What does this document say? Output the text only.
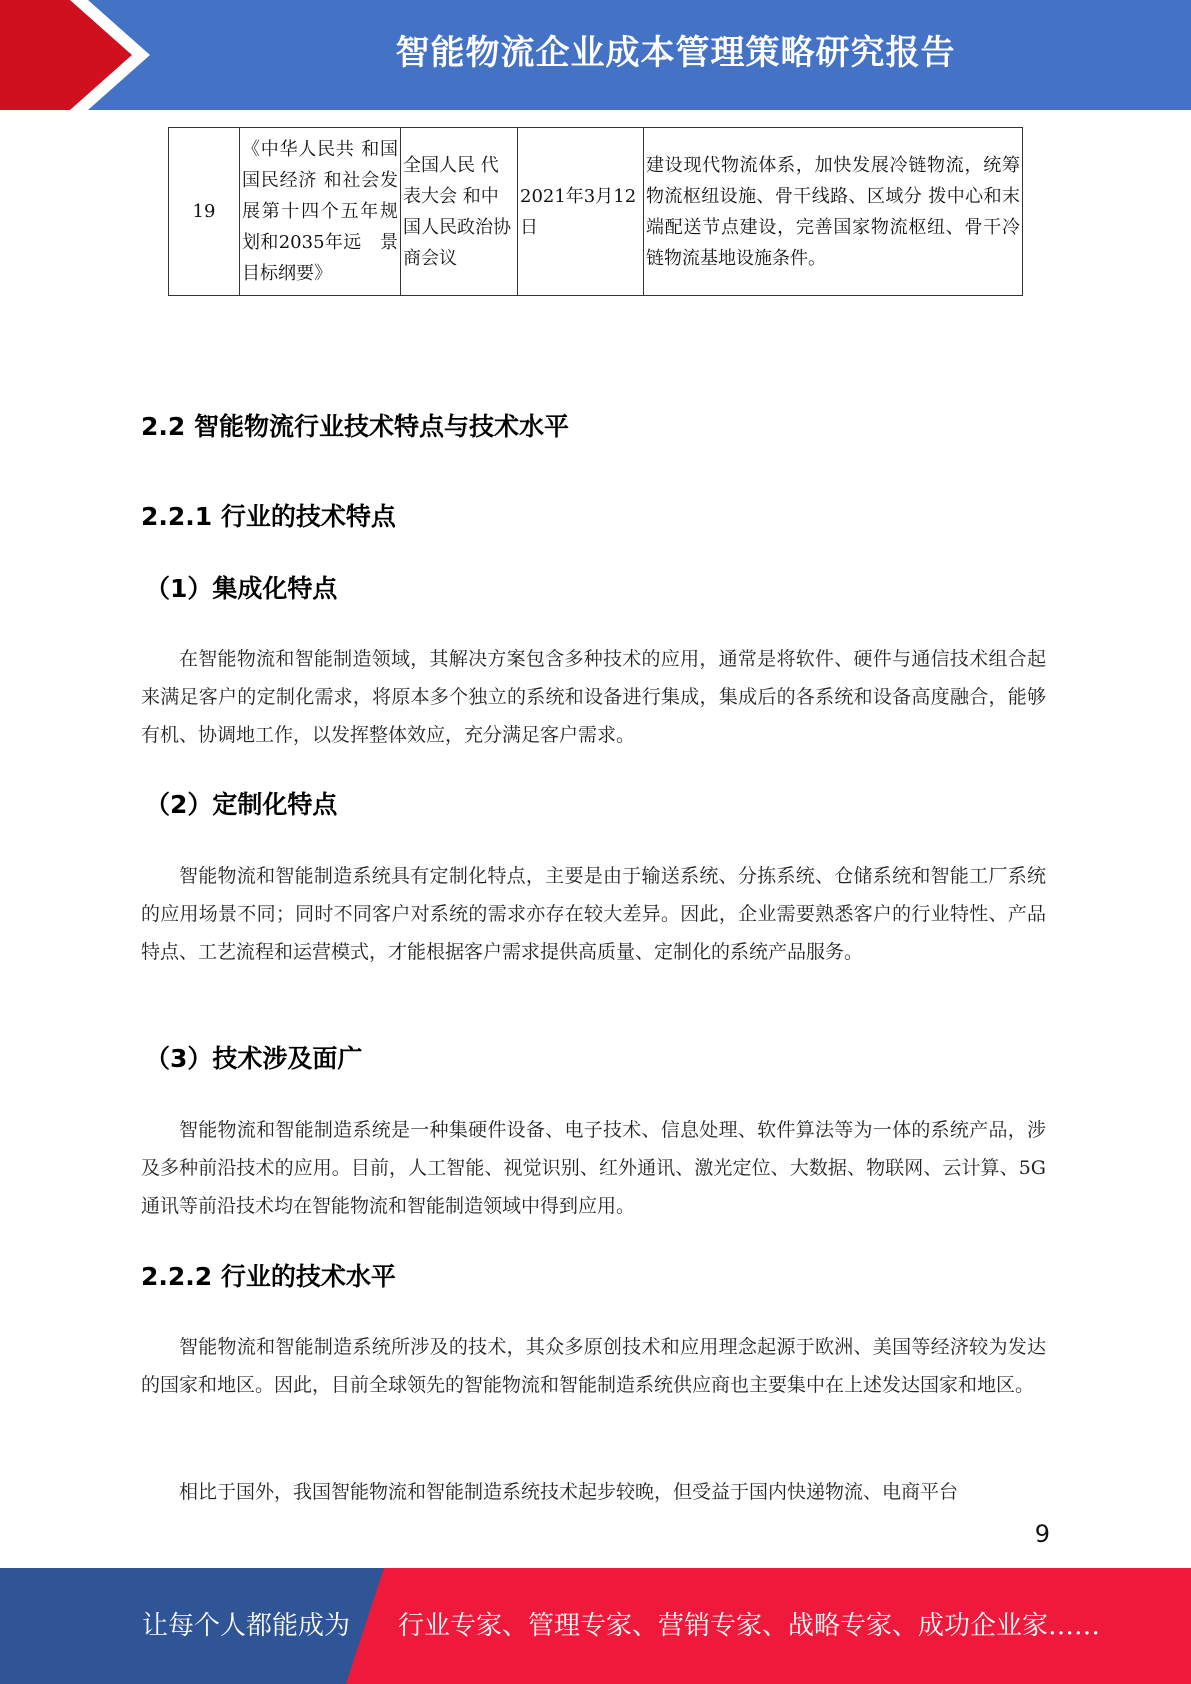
智能物流企业成本管理策略研究报告
19	《中华人民共 和国国民经济 和社会发展第十四个五年规 划和2035年远　景目标纲要》	全国人民 代表大会 和中国人民政治协 商会议	2021年3月12日	建设现代物流体系，加快发展冷链物流，统筹物流枢纽设施、骨干线路、区域分 拨中心和末端配送节点建设，完善国家物流枢纽、骨干冷链物流基地设施条件。
2.2 智能物流行业技术特点与技术水平
2.2.1 行业的技术特点
（1）集成化特点

在智能物流和智能制造领域，其解决方案包含多种技术的应用，通常是将软件、硬件与通信技术组合起来满足客户的定制化需求，将原本多个独立的系统和设备进行集成，集成后的各系统和设备高度融合，能够有机、协调地工作，以发挥整体效应，充分满足客户需求。

（2）定制化特点

智能物流和智能制造系统具有定制化特点，主要是由于输送系统、分拣系统、仓储系统和智能工厂系统的应用场景不同；同时不同客户对系统的需求亦存在较大差异。因此，企业需要熟悉客户的行业特性、产品特点、工艺流程和运营模式，才能根据客户需求提供高质量、定制化的系统产品服务。

（3）技术涉及面广

智能物流和智能制造系统是一种集硬件设备、电子技术、信息处理、软件算法等为一体的系统产品，涉及多种前沿技术的应用。目前，人工智能、视觉识别、红外通讯、激光定位、大数据、物联网、云计算、5G通讯等前沿技术均在智能物流和智能制造领域中得到应用。

2.2.2 行业的技术水平

智能物流和智能制造系统所涉及的技术，其众多原创技术和应用理念起源于欧洲、美国等经济较为发达的国家和地区。因此，目前全球领先的智能物流和智能制造系统供应商也主要集中在上述发达国家和地区。

相比于国外，我国智能物流和智能制造系统技术起步较晚，但受益于国内快递物流、电商平台

9
让每个人都能成为 行业专家、管理专家、营销专家、战略专家、成功企业家……
